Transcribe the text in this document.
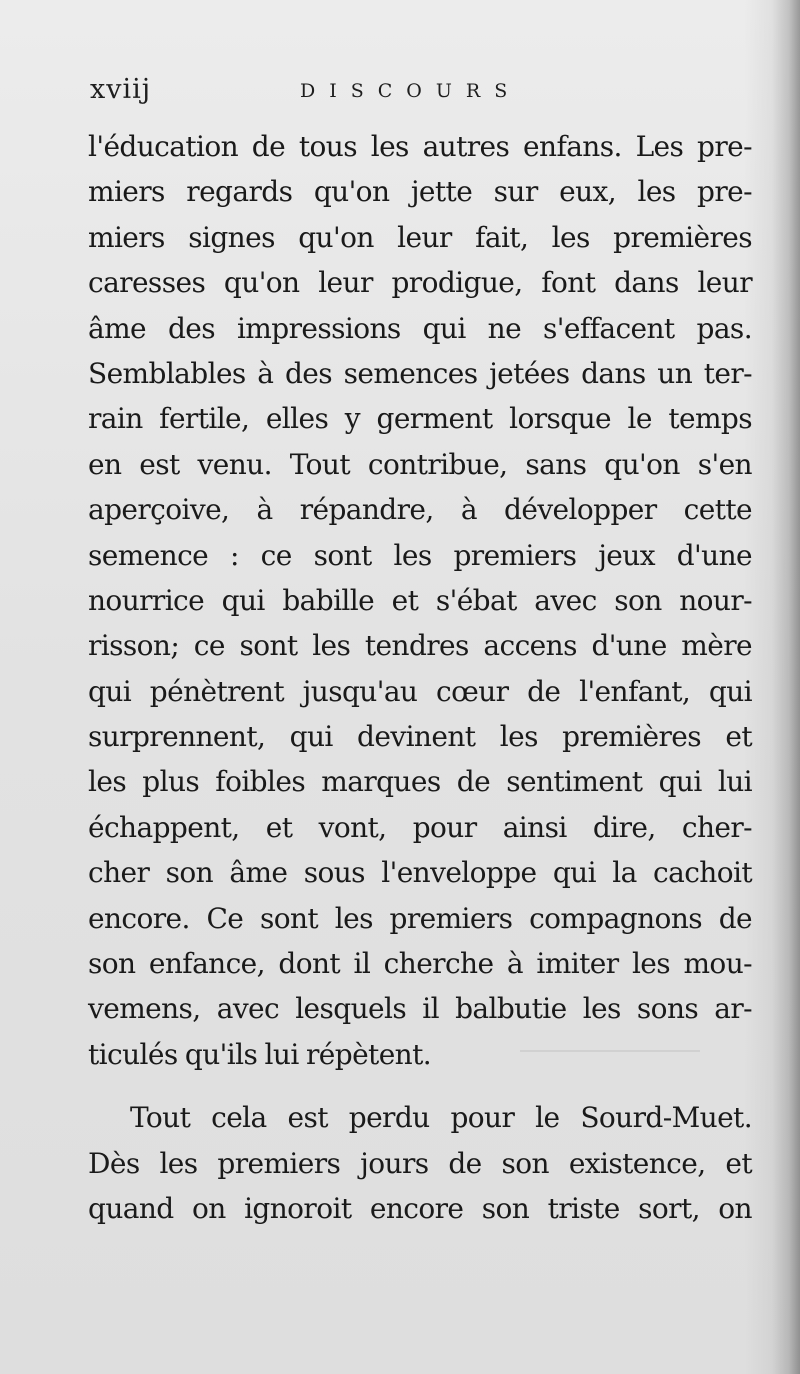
xviij	DISCOURS
l'éducation de tous les autres enfans. Les pre-
miers regards qu'on jette sur eux, les pre-
miers signes qu'on leur fait, les premières
caresses qu'on leur prodigue, font dans leur
âme des impressions qui ne s'effacent pas.
Semblables à des semences jetées dans un ter-
rain fertile, elles y germent lorsque le temps
en est venu. Tout contribue, sans qu'on s'en
aperçoive, à répandre, à développer cette
semence : ce sont les premiers jeux d'une
nourrice qui babille et s'ébat avec son nour-
risson; ce sont les tendres accens d'une mère
qui pénètrent jusqu'au cœur de l'enfant, qui
surprennent, qui devinent les premières et
les plus foibles marques de sentiment qui lui
échappent, et vont, pour ainsi dire, cher-
cher son âme sous l'enveloppe qui la cachoit
encore. Ce sont les premiers compagnons de
son enfance, dont il cherche à imiter les mou-
vemens, avec lesquels il balbutie les sons ar-
ticulés qu'ils lui répètent.
Tout cela est perdu pour le Sourd-Muet.
Dès les premiers jours de son existence, et
quand on ignoroit encore son triste sort, on
